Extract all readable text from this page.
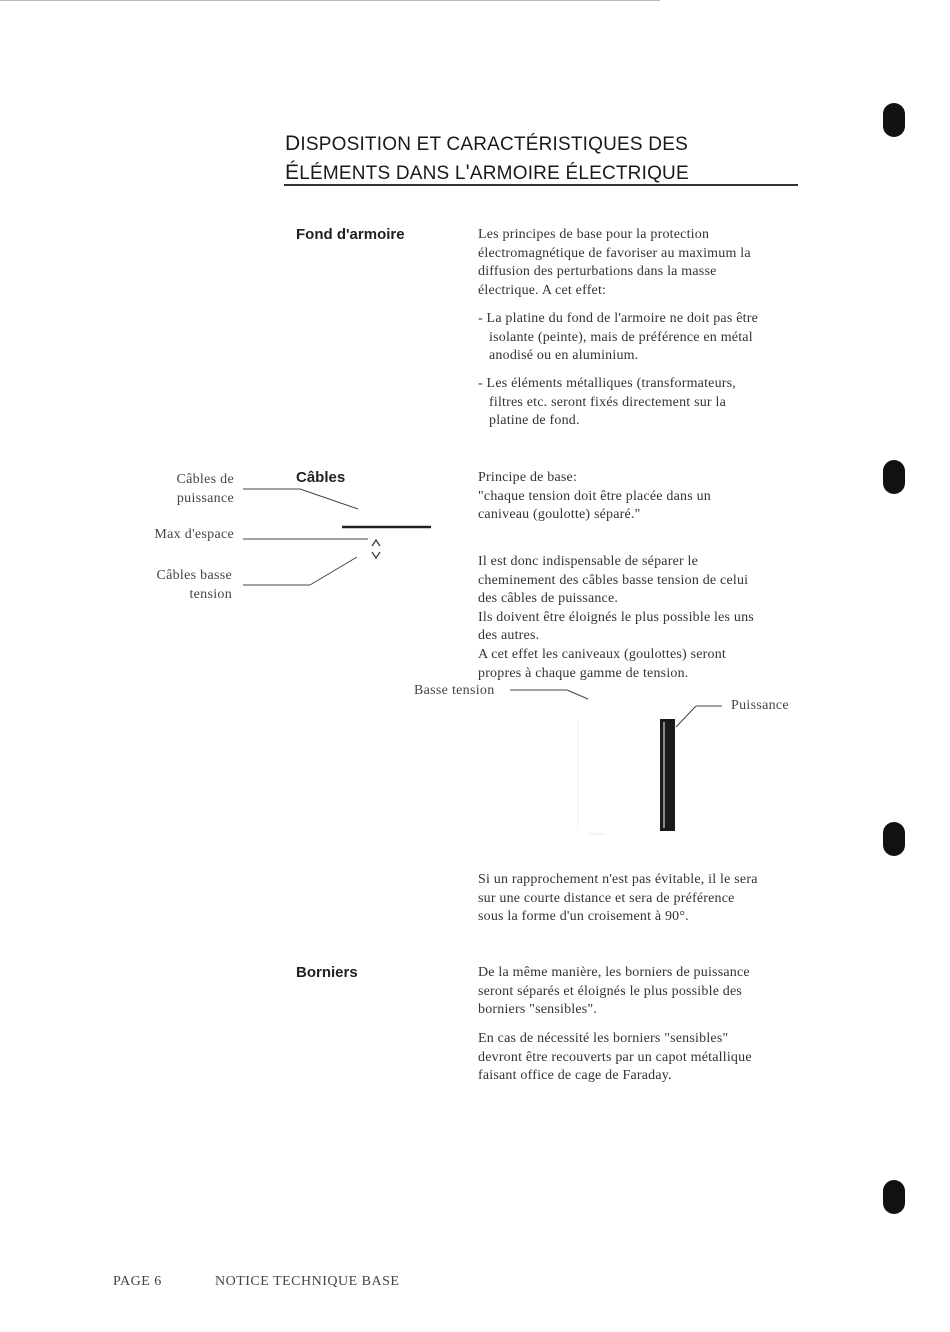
DISPOSITION ET CARACTÉRISTIQUES DES
ÉLÉMENTS DANS L'ARMOIRE ÉLECTRIQUE
Fond d'armoire	Les principes de base pour la protection

électromagnétique de favoriser au maximum la

diffusion des perturbations dans la masse

électrique. A cet effet:

- La platine du fond de l'armoire ne doit pas être

isolante (peinte), mais de préférence en métal

anodisé ou en aluminium.

- Les éléments métalliques (transformateurs,

filtres etc. seront fixés directement sur la

platine de fond.

Câbles

Câbles de

puissance

Max d'espace

Câbles basse

tension

Principe de base:

"chaque tension doit être placée dans un

caniveau (goulotte) séparé."

Il est donc indispensable de séparer le

cheminement des câbles basse tension de celui

des câbles de puissance.

Ils doivent être éloignés le plus possible les uns

des autres.

A cet effet les caniveaux (goulottes) seront

propres à chaque gamme de tension.

Basse tension

Puissance

Si un rapprochement n'est pas évitable, il le sera

sur une courte distance et sera de préférence

sous la forme d'un croisement à 90°.

Borniers	De la même manière, les borniers de puissance

seront séparés et éloignés le plus possible des

borniers "sensibles".

En cas de nécessité les borniers "sensibles"

devront être recouverts par un capot métallique

faisant office de cage de Faraday.

PAGE 6	NOTICE TECHNIQUE BASE
